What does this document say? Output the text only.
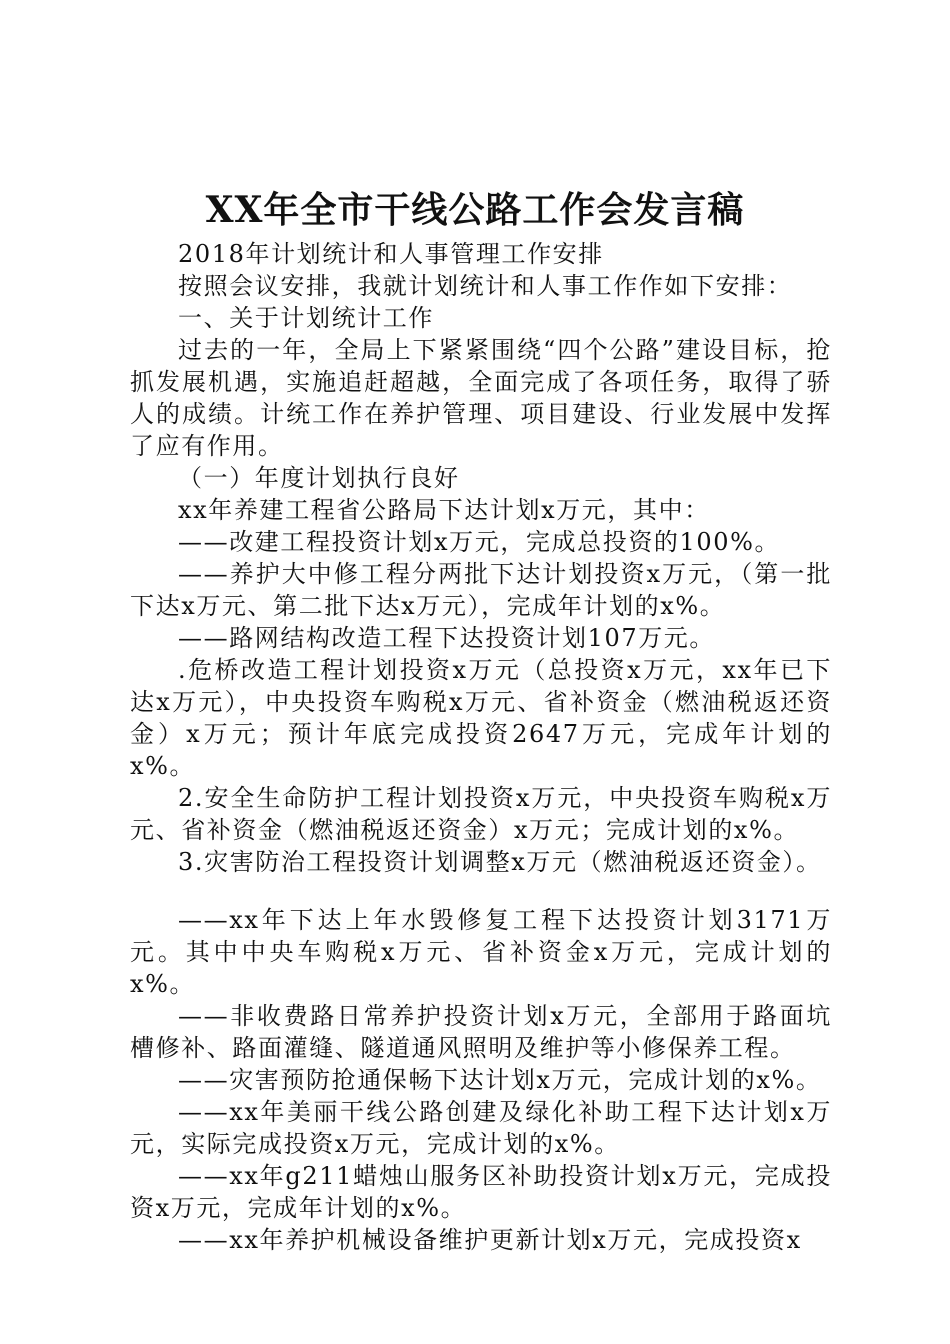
XX年全市干线公路工作会发言稿

2018年计划统计和人事管理工作安排

按照会议安排，我就计划统计和人事工作作如下安排：

一、关于计划统计工作

过去的一年，全局上下紧紧围绕“四个公路”建设目标，抢抓发展机遇，实施追赶超越，全面完成了各项任务，取得了骄人的成绩。计统工作在养护管理、项目建设、行业发展中发挥了应有作用。

（一）年度计划执行良好

xx年养建工程省公路局下达计划x万元，其中：

——改建工程投资计划x万元，完成总投资的100%。

——养护大中修工程分两批下达计划投资x万元，（第一批下达x万元、第二批下达x万元），完成年计划的x%。

——路网结构改造工程下达投资计划107万元。

.危桥改造工程计划投资x万元（总投资x万元，xx年已下达x万元），中央投资车购税x万元、省补资金（燃油税返还资金）x万元；预计年底完成投资2647万元，完成年计划的x%。

2.安全生命防护工程计划投资x万元，中央投资车购税x万元、省补资金（燃油税返还资金）x万元；完成计划的x%。

3.灾害防治工程投资计划调整x万元（燃油税返还资金）。

——xx年下达上年水毁修复工程下达投资计划3171万元。其中中央车购税x万元、省补资金x万元，完成计划的x%。

——非收费路日常养护投资计划x万元，全部用于路面坑槽修补、路面灌缝、隧道通风照明及维护等小修保养工程。

——灾害预防抢通保畅下达计划x万元，完成计划的x%。

——xx年美丽干线公路创建及绿化补助工程下达计划x万元，实际完成投资x万元，完成计划的x%。

——xx年g211蜡烛山服务区补助投资计划x万元，完成投资x万元，完成年计划的x%。

——xx年养护机械设备维护更新计划x万元，完成投资x
